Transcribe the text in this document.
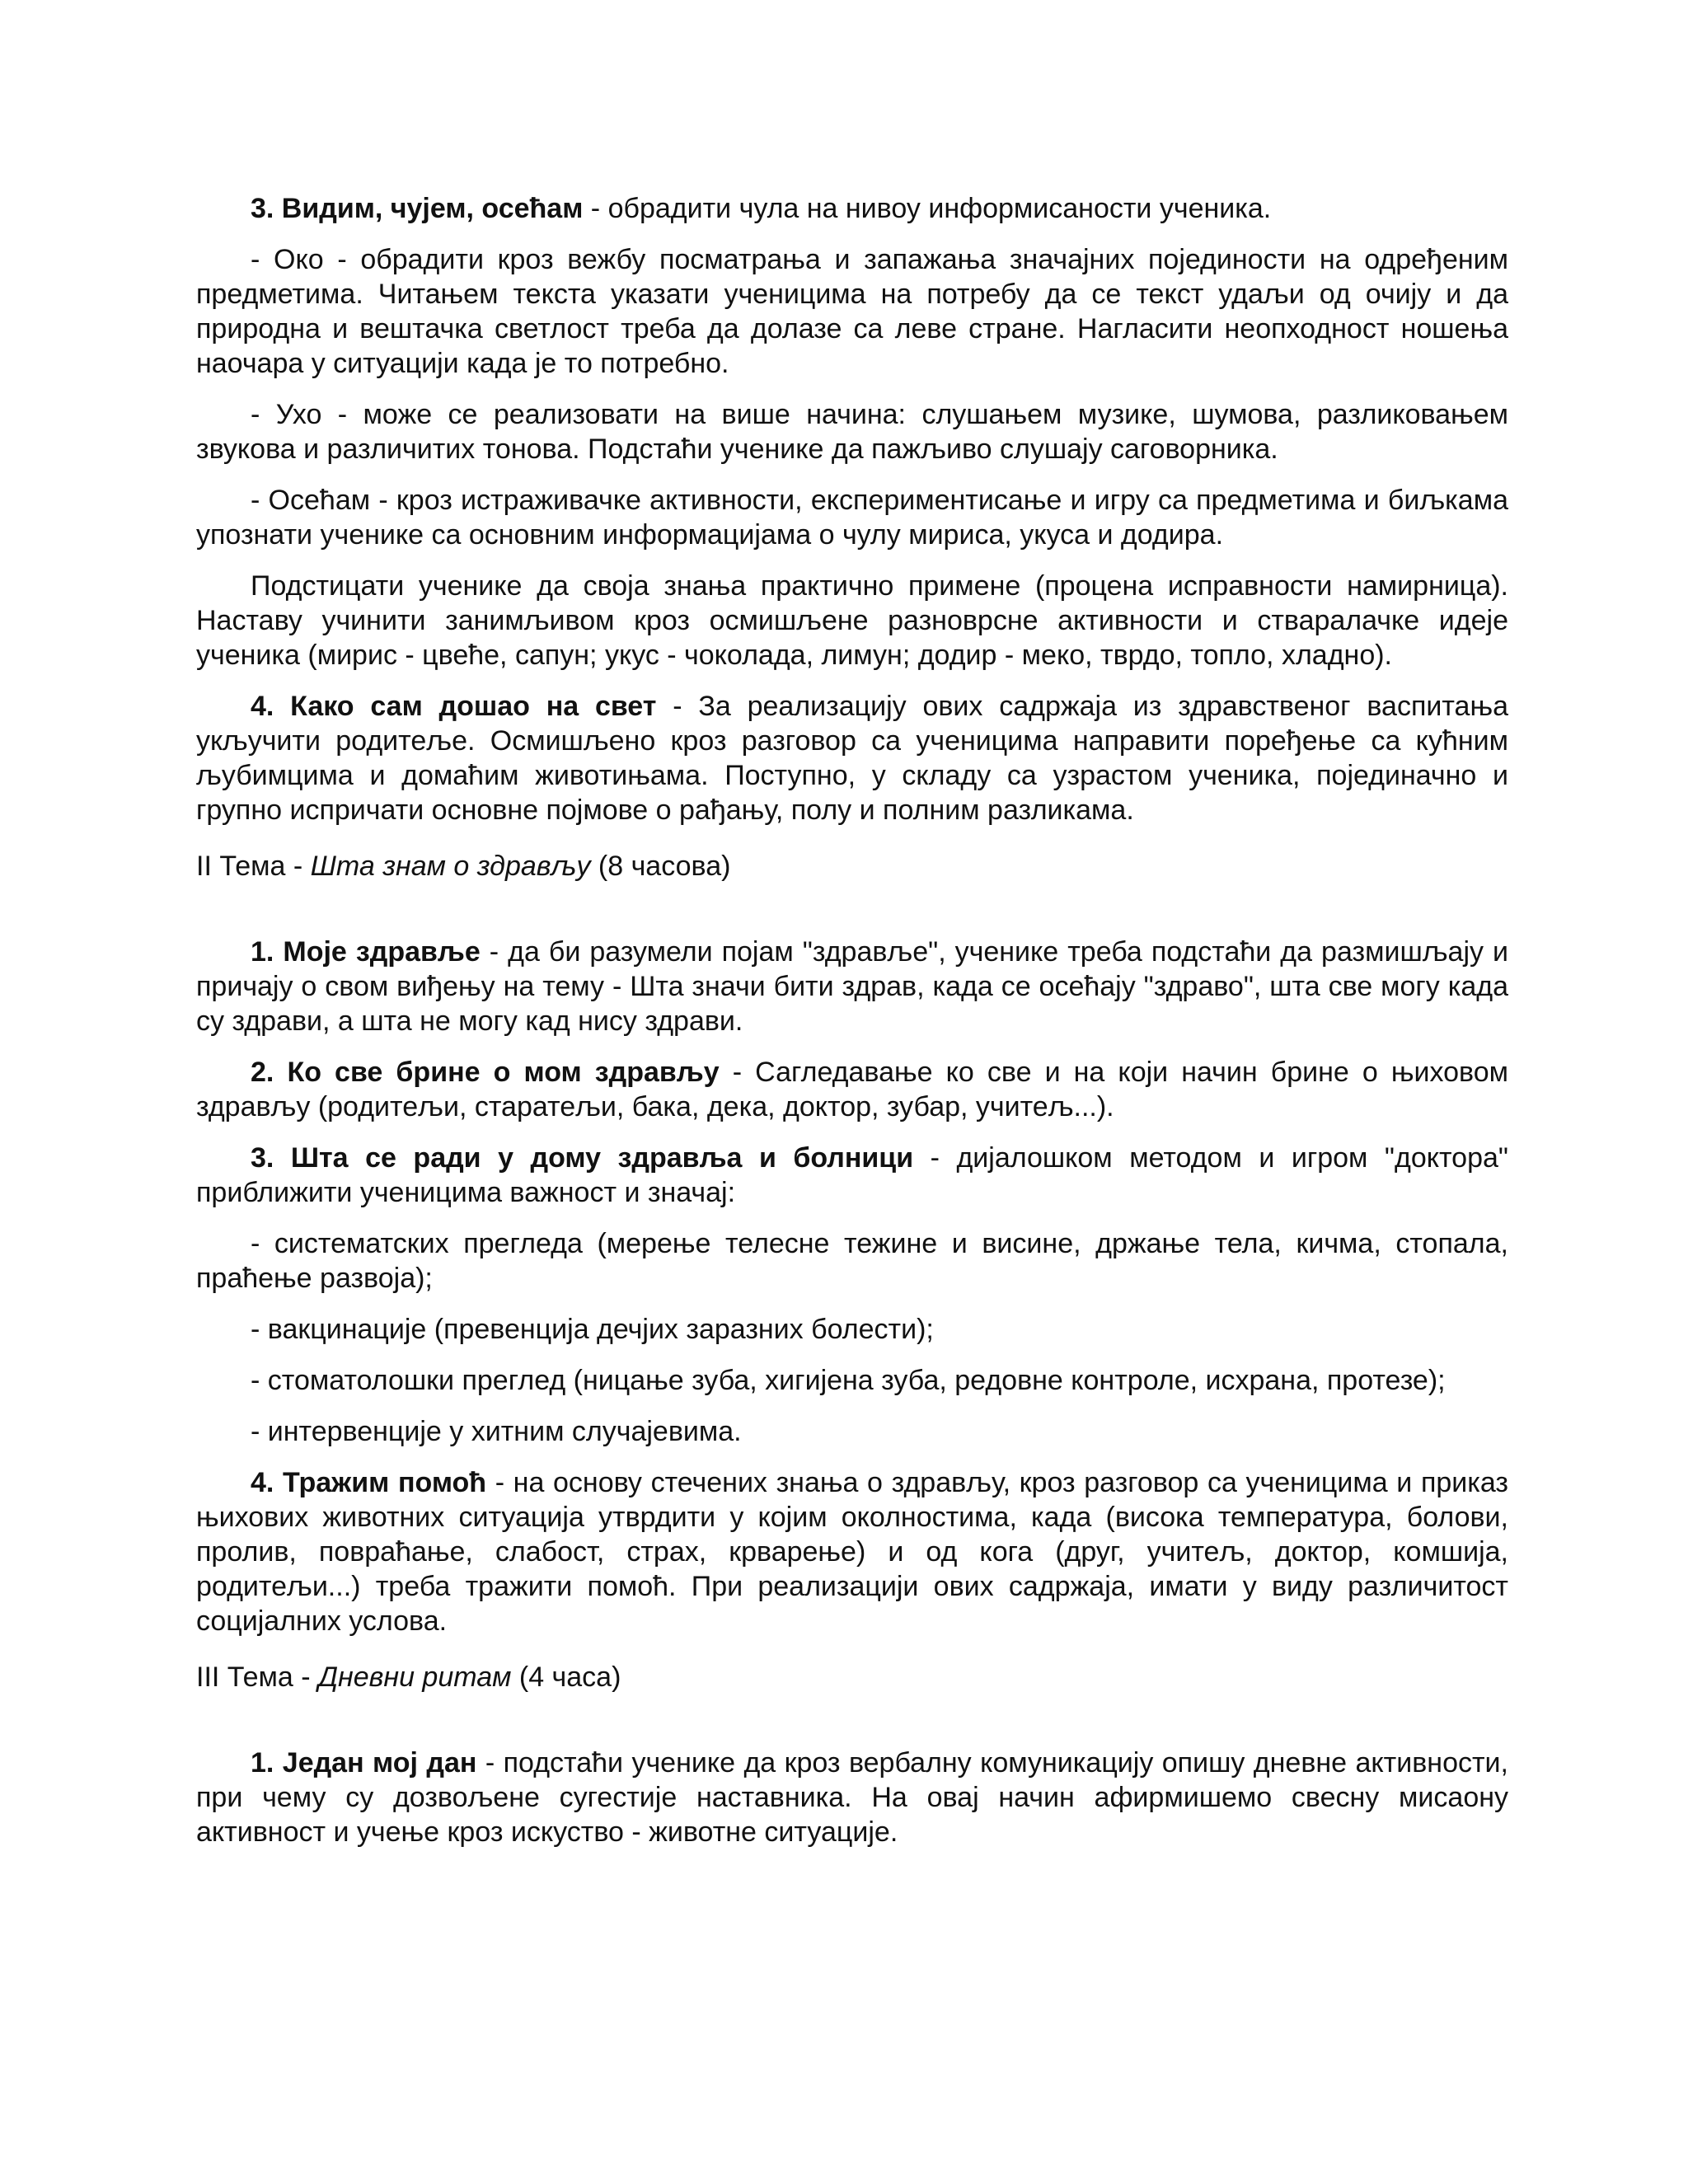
3. Видим, чујем, осећам - обрадити чула на нивоу информисаности ученика.

- Око - обрадити кроз вежбу посматрања и запажања значајних појединости на одређеним предметима. Читањем текста указати ученицима на потребу да се текст удаљи од очију и да природна и вештачка светлост треба да долазе са леве стране. Нагласити неопходност ношења наочара у ситуацији када је то потребно.

- Ухо - може се реализовати на више начина: слушањем музике, шумова, разликовањем звукова и различитих тонова. Подстаћи ученике да пажљиво слушају саговорника.

- Осећам - кроз истраживачке активности, експериментисање и игру са предметима и биљкама упознати ученике са основним информацијама о чулу мириса, укуса и додира.

Подстицати ученике да своја знања практично примене (процена исправности намирница). Наставу учинити занимљивом кроз осмишљене разноврсне активности и стваралачке идеје ученика (мирис - цвеће, сапун; укус - чоколада, лимун; додир - меко, тврдо, топло, хладно).

4. Како сам дошао на свет - За реализацију ових садржаја из здравственог васпитања укључити родитеље. Осмишљено кроз разговор са ученицима направити поређење са кућним љубимцима и домаћим животињама. Поступно, у складу са узрастом ученика, појединачно и групно испричати основне појмове о рађању, полу и полним разликама.

II Тема - Шта знам о здрављу (8 часова)

1. Моје здравље - да би разумели појам "здравље", ученике треба подстаћи да размишљају и причају о свом виђењу на тему - Шта значи бити здрав, када се осећају "здраво", шта све могу када су здрави, а шта не могу кад нису здрави.

2. Ко све брине о мом здрављу - Сагледавање ко све и на који начин брине о њиховом здрављу (родитељи, старатељи, бака, дека, доктор, зубар, учитељ...).

3. Шта се ради у дому здравља и болници - дијалошком методом и игром "доктора" приближити ученицима важност и значај:

- систематских прегледа (мерење телесне тежине и висине, држање тела, кичма, стопала, праћење развоја);

- вакцинације (превенција дечјих заразних болести);

- стоматолошки преглед (ницање зуба, хигијена зуба, редовне контроле, исхрана, протезе);

- интервенције у хитним случајевима.

4. Тражим помоћ - на основу стечених знања о здрављу, кроз разговор са ученицима и приказ њихових животних ситуација утврдити у којим околностима, када (висока температура, болови, пролив, повраћање, слабост, страх, крварење) и од кога (друг, учитељ, доктор, комшија, родитељи...) треба тражити помоћ. При реализацији ових садржаја, имати у виду различитост социјалних услова.

III Тема - Дневни ритам (4 часа)

1. Један мој дан - подстаћи ученике да кроз вербалну комуникацију опишу дневне активности, при чему су дозвољене сугестије наставника. На овај начин афирмишемо свесну мисаону активност и учење кроз искуство - животне ситуације.
